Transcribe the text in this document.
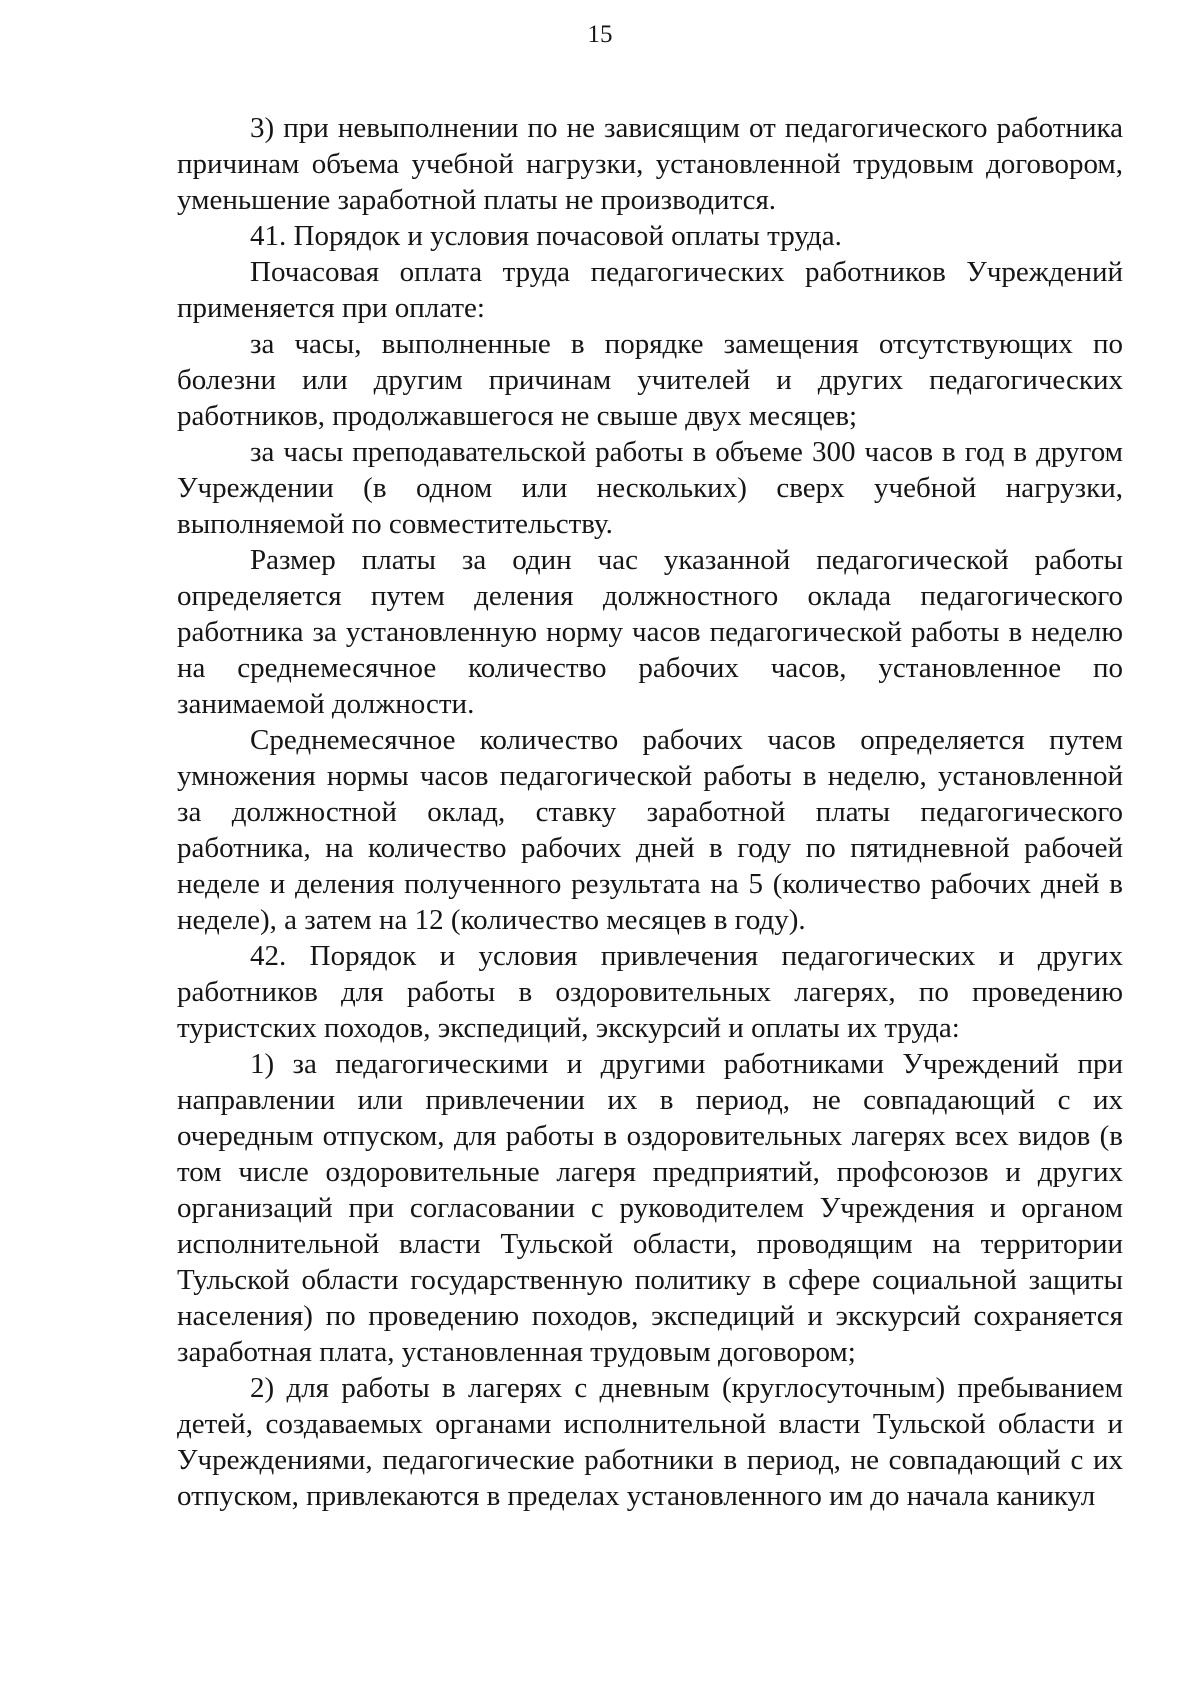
15

3) при невыполнении по не зависящим от педагогического работника причинам объема учебной нагрузки, установленной трудовым договором, уменьшение заработной платы не производится.

41. Порядок и условия почасовой оплаты труда.

Почасовая оплата труда педагогических работников Учреждений применяется при оплате:

за часы, выполненные в порядке замещения отсутствующих по болезни или другим причинам учителей и других педагогических работников, продолжавшегося не свыше двух месяцев;

за часы преподавательской работы в объеме 300 часов в год в другом Учреждении (в одном или нескольких) сверх учебной нагрузки, выполняемой по совместительству.

Размер платы за один час указанной педагогической работы определяется путем деления должностного оклада педагогического работника за установленную норму часов педагогической работы в неделю на среднемесячное количество рабочих часов, установленное по занимаемой должности.

Среднемесячное количество рабочих часов определяется путем умножения нормы часов педагогической работы в неделю, установленной за должностной оклад, ставку заработной платы педагогического работника, на количество рабочих дней в году по пятидневной рабочей неделе и деления полученного результата на 5 (количество рабочих дней в неделе), а затем на 12 (количество месяцев в году).

42. Порядок и условия привлечения педагогических и других работников для работы в оздоровительных лагерях, по проведению туристских походов, экспедиций, экскурсий и оплаты их труда:

1) за педагогическими и другими работниками Учреждений при направлении или привлечении их в период, не совпадающий с их очередным отпуском, для работы в оздоровительных лагерях всех видов (в том числе оздоровительные лагеря предприятий, профсоюзов и других организаций при согласовании с руководителем Учреждения и органом исполнительной власти Тульской области, проводящим на территории Тульской области государственную политику в сфере социальной защиты населения) по проведению походов, экспедиций и экскурсий сохраняется заработная плата, установленная трудовым договором;

2) для работы в лагерях с дневным (круглосуточным) пребыванием детей, создаваемых органами исполнительной власти Тульской области и Учреждениями, педагогические работники в период, не совпадающий с их отпуском, привлекаются в пределах установленного им до начала каникул
